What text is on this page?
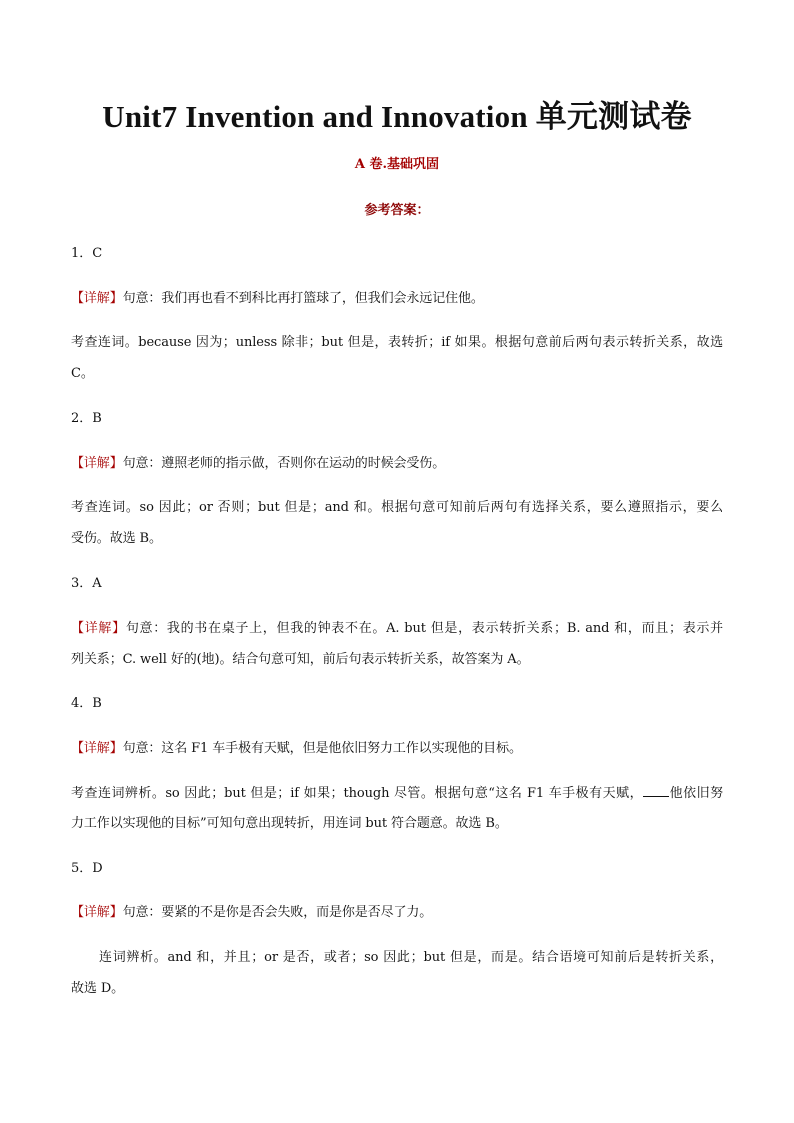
Unit7 Invention and Innovation 单元测试卷
A 卷.基础巩固
参考答案：
1．C
【详解】句意：我们再也看不到科比再打篮球了，但我们会永远记住他。
考查连词。because 因为；unless 除非；but 但是，表转折；if 如果。根据句意前后两句表示转折关系，故选
C。
2．B
【详解】句意：遵照老师的指示做，否则你在运动的时候会受伤。
考查连词。so 因此；or 否则；but 但是；and 和。根据句意可知前后两句有选择关系，要么遵照指示，要么
受伤。故选 B。
3．A
【详解】句意：我的书在桌子上，但我的钟表不在。A. but 但是，表示转折关系；B. and 和，而且；表示并
列关系；C. well 好的(地)。结合句意可知，前后句表示转折关系，故答案为 A。
4．B
【详解】句意：这名 F1 车手极有天赋，但是他依旧努力工作以实现他的目标。
考查连词辨析。so 因此；but 但是；if 如果；though 尽管。根据句意“这名 F1 车手极有天赋， 他依旧努
力工作以实现他的目标”可知句意出现转折，用连词 but 符合题意。故选 B。
5．D
【详解】句意：要紧的不是你是否会失败，而是你是否尽了力。
连词辨析。and 和，并且；or 是否，或者；so 因此；but 但是，而是。结合语境可知前后是转折关系，
故选 D。
